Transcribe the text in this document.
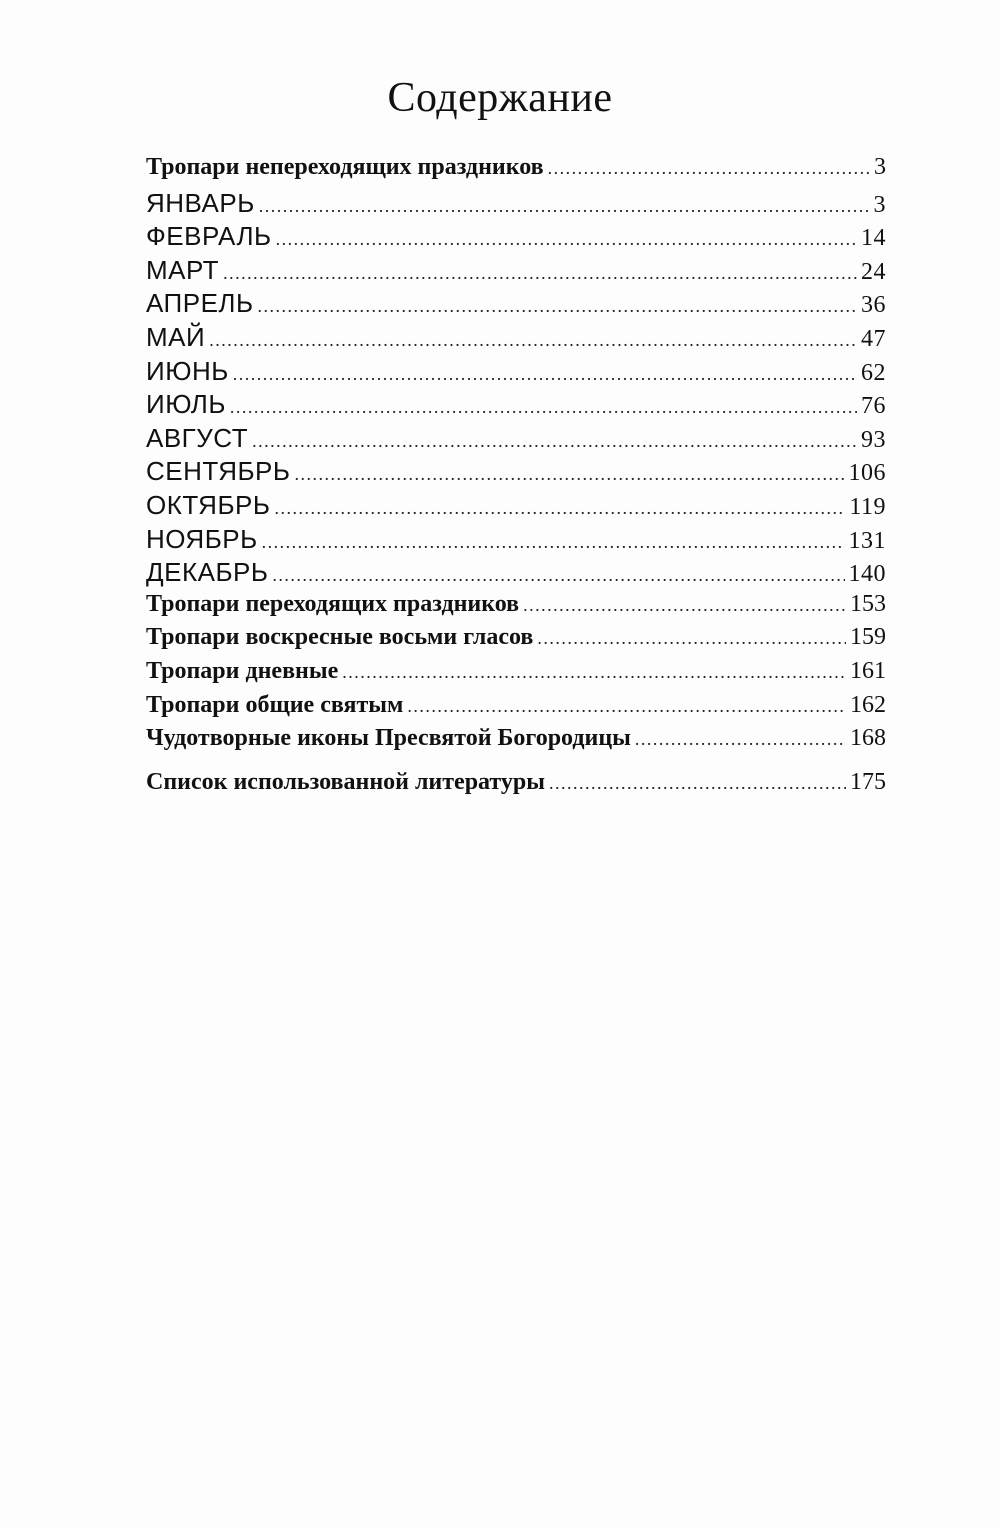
Содержание
Тропари непереходящих праздников .....	3
ЯНВАРЬ .....	3
ФЕВРАЛЬ .....	14
МАРТ .....	24
АПРЕЛЬ .....	36
МАЙ .....	47
ИЮНЬ .....	62
ИЮЛЬ .....	76
АВГУСТ .....	93
СЕНТЯБРЬ .....	106
ОКТЯБРЬ .....	119
НОЯБРЬ .....	131
ДЕКАБРЬ .....	140
Тропари переходящих праздников .....	153
Тропари воскресные восьми гласов .....	159
Тропари дневные .....	161
Тропари общие святым .....	162
Чудотворные иконы Пресвятой Богородицы .....	168
Список использованной литературы .....	175
